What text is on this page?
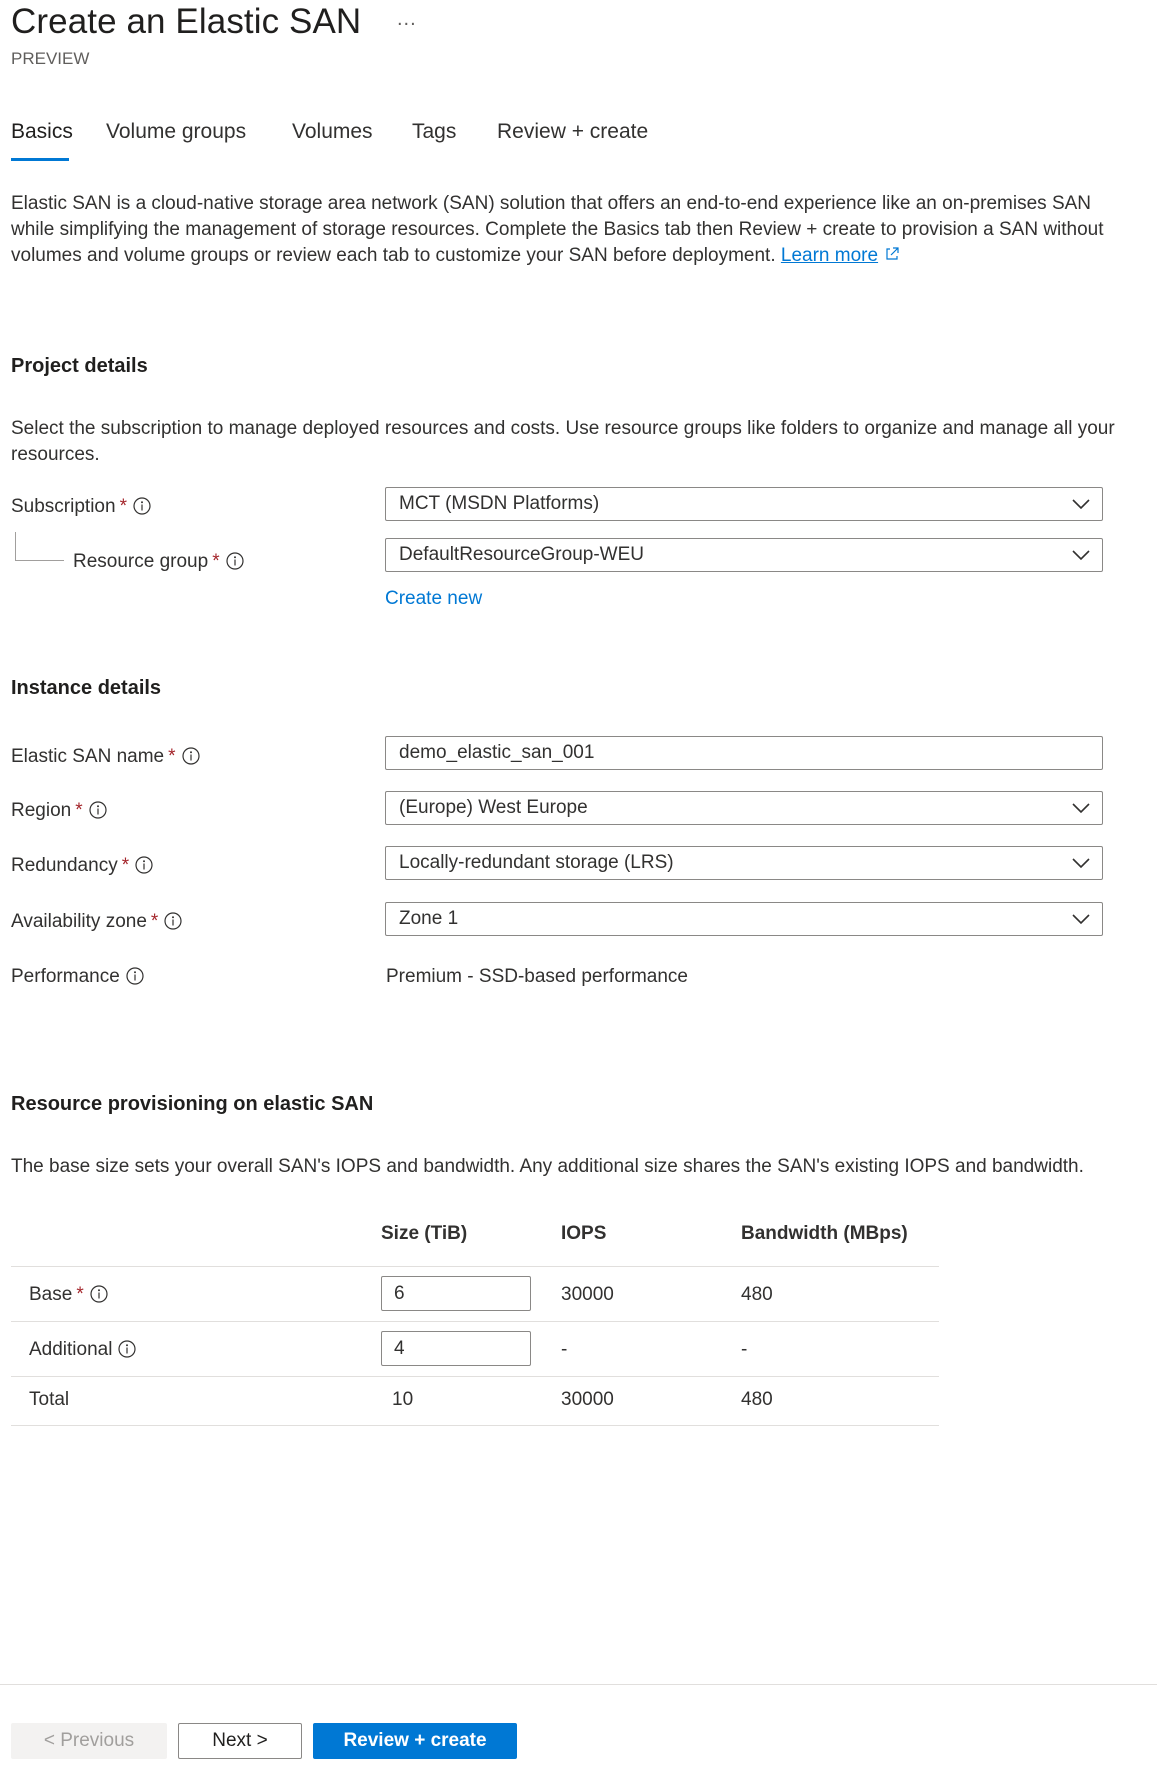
Create an Elastic SAN ...
PREVIEW
Basics Volume groups Volumes Tags Review + create
Elastic SAN is a cloud-native storage area network (SAN) solution that offers an end-to-end experience like an on-premises SAN while simplifying the management of storage resources. Complete the Basics tab then Review + create to provision a SAN without volumes and volume groups or review each tab to customize your SAN before deployment. Learn more
Project details
Select the subscription to manage deployed resources and costs. Use resource groups like folders to organize and manage all your resources.
Subscription *	MCT (MSDN Platforms)
Resource group *	DefaultResourceGroup-WEU
Create new
Instance details
Elastic SAN name *	demo_elastic_san_001
Region *	(Europe) West Europe
Redundancy *	Locally-redundant storage (LRS)
Availability zone *	Zone 1
Performance	Premium - SSD-based performance
Resource provisioning on elastic SAN
The base size sets your overall SAN's IOPS and bandwidth. Any additional size shares the SAN's existing IOPS and bandwidth.
Size (TiB)	IOPS	Bandwidth (MBps)
Base *	6	30000	480
Additional	4	-	-
Total	10	30000	480
< Previous	Next >	Review + create
